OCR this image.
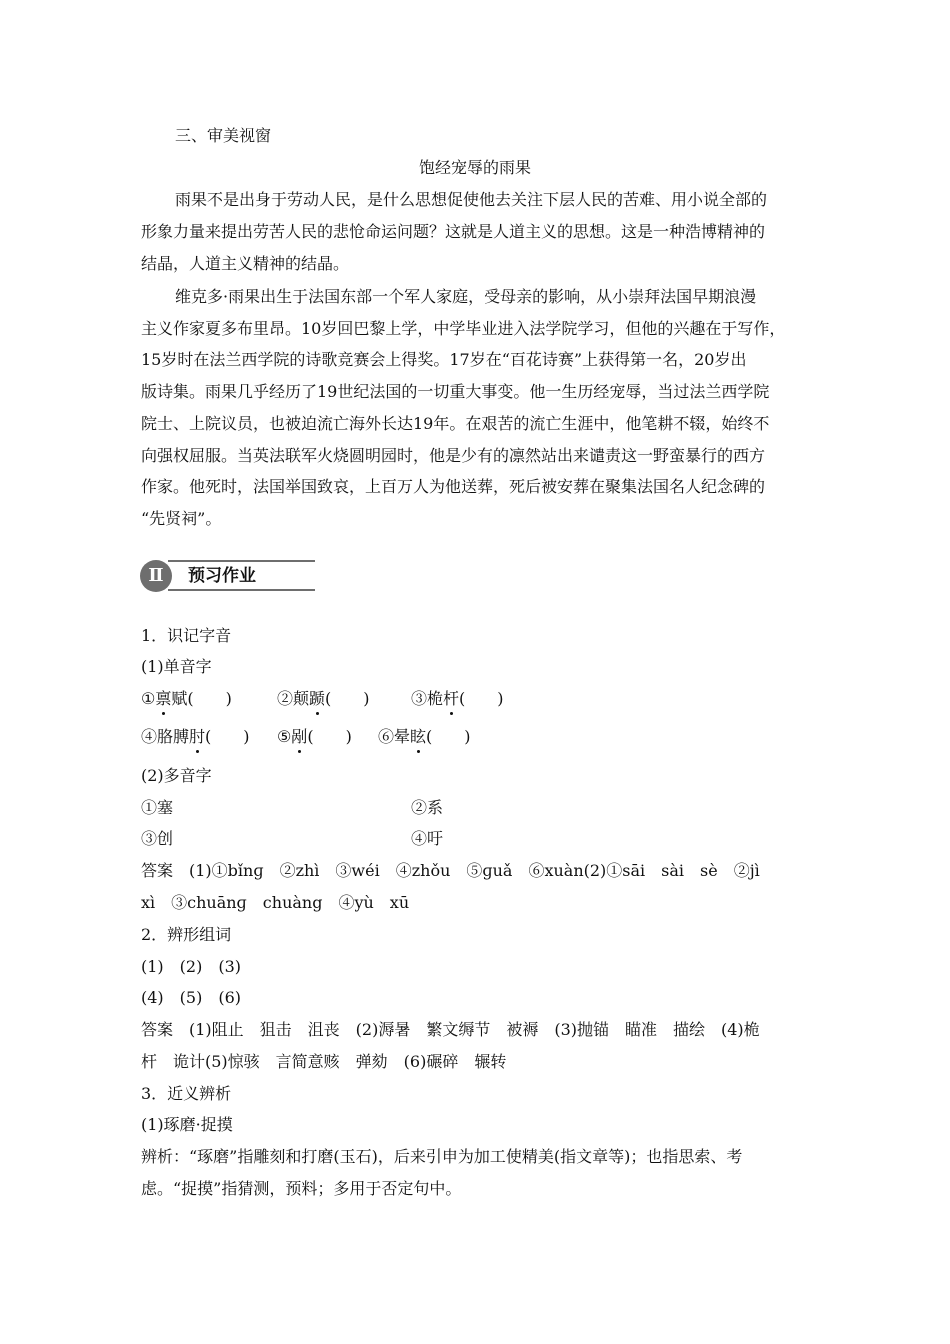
三、审美视窗
饱经宠辱的雨果
雨果不是出身于劳动人民，是什么思想促使他去关注下层人民的苦难、用小说全部的
形象力量来提出劳苦人民的悲怆命运问题？这就是人道主义的思想。这是一种浩博精神的
结晶，人道主义精神的结晶。
维克多·雨果出生于法国东部一个军人家庭，受母亲的影响，从小崇拜法国早期浪漫
主义作家夏多布里昂。10岁回巴黎上学，中学毕业进入法学院学习，但他的兴趣在于写作，
15岁时在法兰西学院的诗歌竞赛会上得奖。17岁在“百花诗赛”上获得第一名，20岁出
版诗集。雨果几乎经历了19世纪法国的一切重大事变。他一生历经宠辱，当过法兰西学院
院士、上院议员，也被迫流亡海外长达19年。在艰苦的流亡生涯中，他笔耕不辍，始终不
向强权屈服。当英法联军火烧圆明园时，他是少有的凛然站出来谴责这一野蛮暴行的西方
作家。他死时，法国举国致哀，上百万人为他送葬，死后被安葬在聚集法国名人纪念碑的
“先贤祠”。
Ⅱ	预习作业
1．识记字音
(1)单音字
①禀赋(　　)	②颠踬(　　)	③桅杆(　　)
④胳膊肘(　　) ⑤剐(　　) ⑥晕眩(　　)
(2)多音字
①塞	②系
③创	④吁
答案　(1)①bǐnɡ　②zhì　③wéi　④zhǒu　⑤ɡuǎ　⑥xuàn(2)①sāi　sài　sè　②jì
xì　③chuānɡ　chuàng　④yù　xū
2．辨形组词
(1)　(2)　(3)
(4)　(5)　(6)
答案　(1)阻止　狙击　沮丧　(2)溽暑　繁文缛节　被褥　(3)抛锚　瞄准　描绘　(4)桅
杆　诡计(5)惊骇　言简意赅　弹劾　(6)碾碎　辗转
3．近义辨析
(1)琢磨·捉摸
辨析：“琢磨”指雕刻和打磨(玉石)，后来引申为加工使精美(指文章等)；也指思索、考
虑。“捉摸”指猜测，预料；多用于否定句中。
